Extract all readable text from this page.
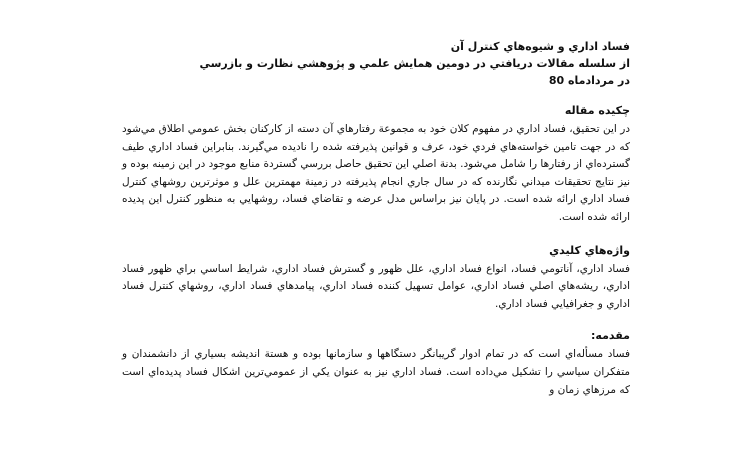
فساد اداري و شيوه‌هاي كنترل آن

از سلسله مقالات دريافتي در دومين همايش علمي و پژوهشي نظارت و بازرسي

در مردادماه 80

چكيده مقاله

در اين تحقيق، فساد اداري در مفهوم كلان خود به مجموعة رفتارهاي آن دسته از كاركنان بخش عمومي اطلاق مي‌شود كه در جهت تامين خواسته‌هاي فردي خود، عرف و قوانين پذيرفته شده را ناديده مي‌گيرند. بنابراين فساد اداري طيف گسترده‌اي از رفتارها را شامل مي‌شود. بدنة اصلي اين تحقيق حاصل بررسي گستردة منابع موجود در اين زمينه بوده و نيز نتايج تحقيقات ميداني نگارنده كه در سال جاري انجام پذيرفته در زمينة مهمترين علل و موثرترين روشهاي كنترل فساد اداري ارائه شده است. در پايان نيز براساس مدل عرضه و تقاضاي فساد، روشهايي به منظور كنترل اين پديده ارائه شده است.

واژه‌هاي كليدي

فساد اداري، آناتومي فساد، انواع فساد اداري، علل ظهور و گسترش فساد اداري، شرايط اساسي براي ظهور فساد اداري، ريشه‌هاي اصلي فساد اداري، عوامل تسهيل كننده فساد اداري، پيامدهاي فساد اداري، روشهاي كنترل فساد اداري و جغرافيايي فساد اداري.

مقدمه:

فساد مسأله‌اي است كه در تمام ادوار گريبانگر دستگاهها و سازمانها بوده و هستة انديشه بسياري از دانشمندان و متفكران سياسي را تشكيل مي‌داده است. فساد اداري نيز به عنوان يكي از عمومي‌ترين اشكال فساد پديده‌اي است كه مرزهاي زمان و
